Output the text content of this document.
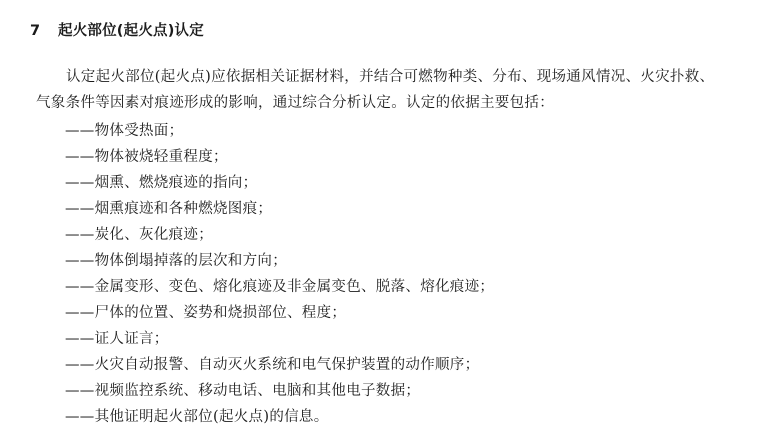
7 起火部位(起火点)认定
认定起火部位(起火点)应依据相关证据材料，并结合可燃物种类、分布、现场通风情况、火灾扑救、
气象条件等因素对痕迹形成的影响，通过综合分析认定。认定的依据主要包括：
——物体受热面；
——物体被烧轻重程度；
——烟熏、燃烧痕迹的指向；
——烟熏痕迹和各种燃烧图痕；
——炭化、灰化痕迹；
——物体倒塌掉落的层次和方向；
——金属变形、变色、熔化痕迹及非金属变色、脱落、熔化痕迹；
——尸体的位置、姿势和烧损部位、程度；
——证人证言；
——火灾自动报警、自动灭火系统和电气保护装置的动作顺序；
——视频监控系统、移动电话、电脑和其他电子数据；
——其他证明起火部位(起火点)的信息。
